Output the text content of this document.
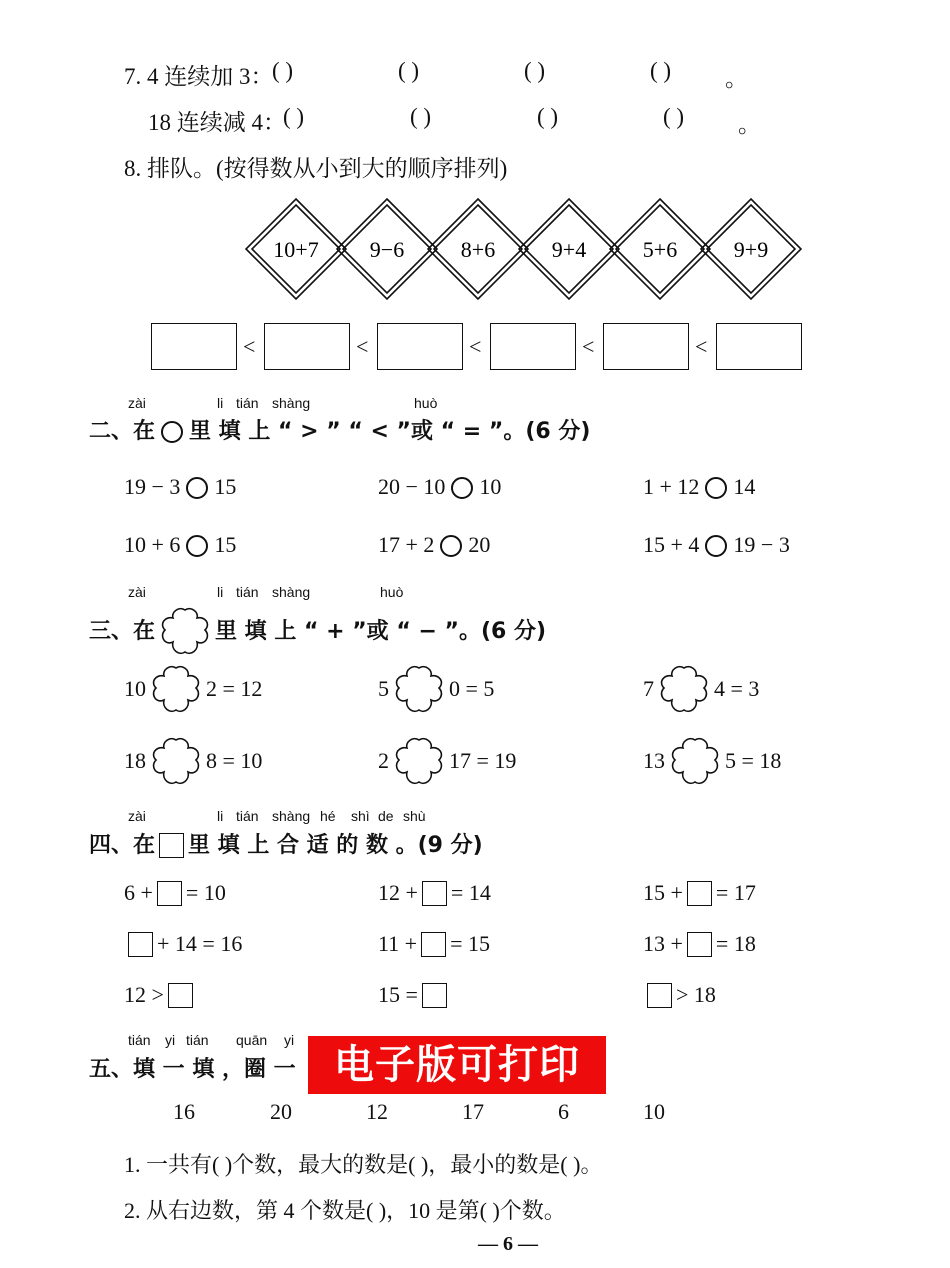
7. 4 连续加 3：
( )	( )	( )	( ) 。
18 连续减 4：
( )	( )	( )	( ) 。
8. 排队。(按得数从小到大的顺序排列)
10+7 9−6	8+6	9+4	5+6	9+9
<	<	<	<	<
zài	li tián shàng	huò
二、在 里 填 上 “ > ” “ < ”或 “ = ”。(6 分)
19 − 3 15	20 − 10 10	1 + 12 14
10 + 6 15	17 + 2 20	15 + 4 19 − 3
zài	li tián shàng	huò
三、在	里 填 上 “ + ”或 “ − ”。(6 分)
10	2 = 12	5	0 = 5	7	4 = 3
18	8 = 10	2	17 = 19	13	5 = 18
zài	li tián shàng hé shì de shù
四、在 里 填 上 合 适 的 数 。(9 分)
6 + = 10	12 + = 14	15 + = 17
+ 14 = 16	11 + = 15	13 + = 18
12 >	15 =	> 18
tián yi tián quān yi
五、填 一 填 ，圈 一 电子版可打印
16	20	12	17	6	10
1. 一共有( )个数，最大的数是( )，最小的数是( )。
2. 从右边数，第 4 个数是( )，10 是第( )个数。
— 6 —
